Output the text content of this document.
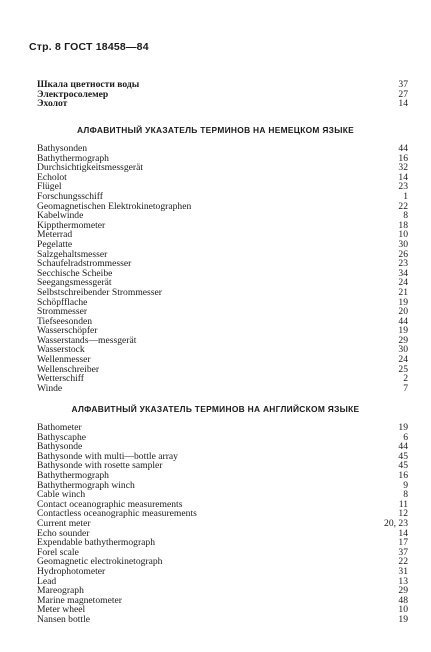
Стр. 8 ГОСТ 18458—84
Шкала цветности воды	37
Электросолемер	27
Эхолот	14
АЛФАВИТНЫЙ УКАЗАТЕЛЬ ТЕРМИНОВ НА НЕМЕЦКОМ ЯЗЫКЕ
Bathysonden	44
Bathythermograph	16
Durchsichtigkeitsmessgerät	32
Echolot	14
Flügel	23
Forschungsschiff	1
Geomagnetischen Elektrokinetographen	22
Kabelwinde	8
Kippthermometer	18
Meterrad	10
Pegelatte	30
Salzgehaltsmesser	26
Schaufelradstrommesser	23
Secchische Scheibe	34
Seegangsmessgerät	24
Selbstschreibender Strommesser	21
Schöpfflache	19
Strommesser	20
Tiefseesonden	44
Wasserschöpfer	19
Wasserstands—messgerät	29
Wasserstock	30
Wellenmesser	24
Wellenschreiber	25
Wetterschiff	2
Winde	7
АЛФАВИТНЫЙ УКАЗАТЕЛЬ ТЕРМИНОВ НА АНГЛИЙСКОМ ЯЗЫКЕ
Bathometer	19
Bathyscaphe	6
Bathysonde	44
Bathysonde with multi—bottle array	45
Bathysonde with rosette sampler	45
Bathythermograph	16
Bathythermograph winch	9
Cable winch	8
Contact oceanographic measurements	11
Contactless oceanographic measurements	12
Current meter	20, 23
Echo sounder	14
Expendable bathythermograph	17
Forel scale	37
Geomagnetic electrokinetograph	22
Hydrophotometer	31
Lead	13
Mareograph	29
Marine magnetometer	48
Meter wheel	10
Nansen bottle	19
